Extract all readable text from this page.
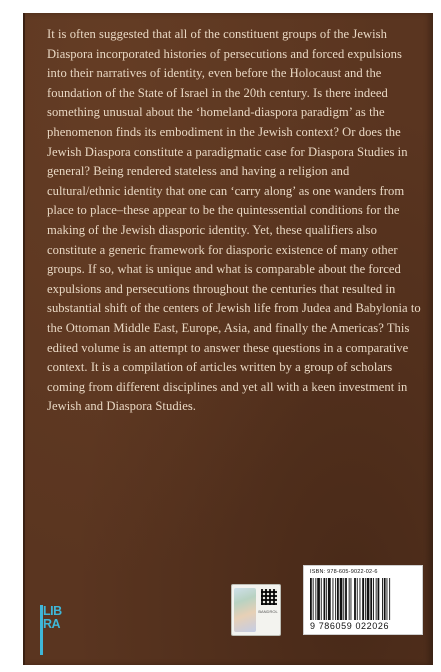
It is often suggested that all of the constituent groups of the Jewish Diaspora incorporated histories of persecutions and forced expulsions into their narratives of identity, even before the Holocaust and the foundation of the State of Israel in the 20th century. Is there indeed something unusual about the ‘homeland-diaspora paradigm’ as the phenomenon finds its embodiment in the Jewish context? Or does the Jewish Diaspora constitute a paradigmatic case for Diaspora Studies in general? Being rendered stateless and having a religion and cultural/ethnic identity that one can ‘carry along’ as one wanders from place to place–these appear to be the quintessential conditions for the making of the Jewish diasporic identity. Yet, these qualifiers also constitute a generic framework for diasporic existence of many other groups. If so, what is unique and what is comparable about the forced expulsions and persecutions throughout the centuries that resulted in substantial shift of the centers of Jewish life from Judea and Babylonia to the Ottoman Middle East, Europe, Asia, and finally the Americas? This edited volume is an attempt to answer these questions in a comparative context. It is a compilation of articles written by a group of scholars coming from different disciplines and yet all with a keen investment in Jewish and Diaspora Studies.

LIB
RA
BANDROL
ISBN: 978-605-9022-02-6
9 786059 022026
